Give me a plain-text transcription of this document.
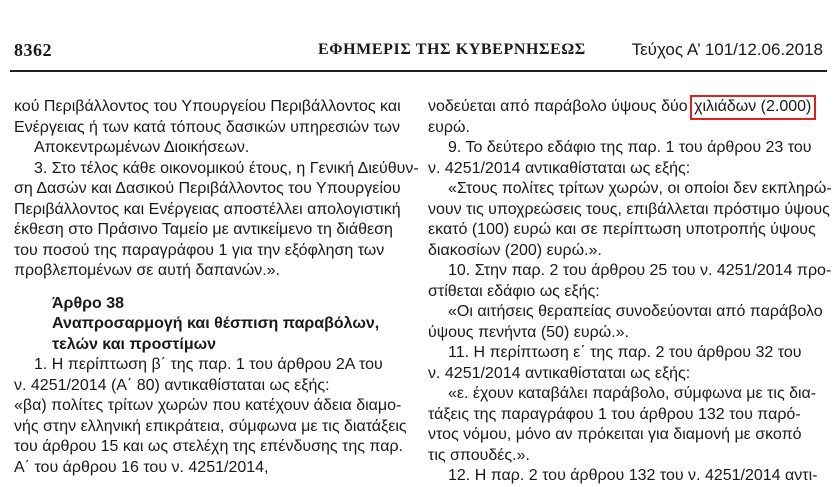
8362	ΕΦΗΜΕΡΙΣ ΤΗΣ ΚΥΒΕΡΝΗΣΕΩΣ	Τεύχος Α’ 101/12.06.2018
κού Περιβάλλοντος του Υπουργείου Περιβάλλοντος και
Ενέργειας ή των κατά τόπους δασικών υπηρεσιών των
Αποκεντρωμένων Διοικήσεων.
3. Στο τέλος κάθε οικονομικού έτους, η Γενική Διεύθυν-
ση Δασών και Δασικού Περιβάλλοντος του Υπουργείου
Περιβάλλοντος και Ενέργειας αποστέλλει απολογιστική
έκθεση στο Πράσινο Ταμείο με αντικείμενο τη διάθεση
του ποσού της παραγράφου 1 για την εξόφληση των
προβλεπομένων σε αυτή δαπανών.».
Άρθρο 38
Αναπροσαρμογή και θέσπιση παραβόλων,
τελών και προστίμων
1. Η περίπτωση β΄ της παρ. 1 του άρθρου 2Α του
ν. 4251/2014 (Α΄ 80) αντικαθίσταται ως εξής:
«βα) πολίτες τρίτων χωρών που κατέχουν άδεια διαμο-
νής στην ελληνική επικράτεια, σύμφωνα με τις διατάξεις
του άρθρου 15 και ως στελέχη της επένδυσης της παρ.
Α΄ του άρθρου 16 του ν. 4251/2014,
νοδεύεται από παράβολο ύψους δύο χιλιάδων (2.000)
ευρώ.
9. Το δεύτερο εδάφιο της παρ. 1 του άρθρου 23 του
ν. 4251/2014 αντικαθίσταται ως εξής:
«Στους πολίτες τρίτων χωρών, οι οποίοι δεν εκπληρώ-
νουν τις υποχρεώσεις τους, επιβάλλεται πρόστιμο ύψους
εκατό (100) ευρώ και σε περίπτωση υποτροπής ύψους
διακοσίων (200) ευρώ.».
10. Στην παρ. 2 του άρθρου 25 του ν. 4251/2014 προ-
στίθεται εδάφιο ως εξής:
«Οι αιτήσεις θεραπείας συνοδεύονται από παράβολο
ύψους πενήντα (50) ευρώ.».
11. Η περίπτωση ε΄ της παρ. 2 του άρθρου 32 του
ν. 4251/2014 αντικαθίσταται ως εξής:
«ε. έχουν καταβάλει παράβολο, σύμφωνα με τις δια-
τάξεις της παραγράφου 1 του άρθρου 132 του παρό-
ντος νόμου, μόνο αν πρόκειται για διαμονή με σκοπό
τις σπουδές.».
12. Η παρ. 2 του άρθρου 132 του ν. 4251/2014 αντι-
